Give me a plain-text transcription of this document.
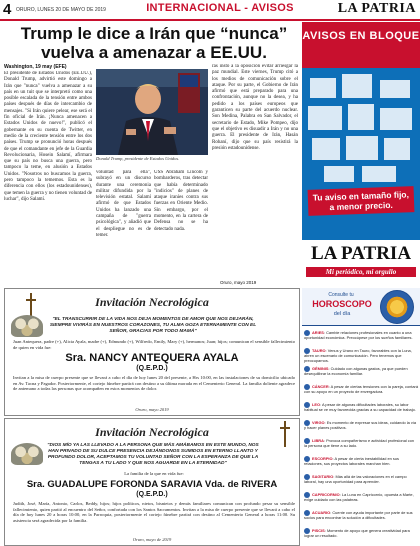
4 ORURO, LUNES 20 DE MAYO DE 2019	INTERNACIONAL - AVISOS	LA PATRIA
Trump le dice a Irán que “nunca” vuelva a amenazar a EE.UU.
Washington, 19 may (EFE)
El presidente de Estados Unidos (EE.UU.), Donald Trump, advirtió este domingo a Irán que "nunca" vuelva a amenazar a su país en un tuit que se interpretó como una posible escalada de la tensión entre ambos países después de días de intercambio de mensajes. "Si Irán quiere pelear, ese será el fin oficial de Irán. ¡Nunca amenacen a Estados Unidos de nuevo!", publicó el gobernante en su cuenta de Twitter, en medio de la creciente tensión entre los dos países. Trump se pronunció horas después de que el comandante en jefe de la Guardia Revolucionaria, Hosein Salamí, afirmara que su país no busca una guerra, pero tampoco la teme, en alusión a Estados Unidos. "Nosotros no buscamos la guerra, pero tampoco la tememos. Esta es la diferencia con ellos (los estadounidenses), que temen la guerra y no tienen voluntad de luchar", dijo Salamí.
Donald Trump, presidente de Estados Unidos.
voluntad para ella", subrayó en un discurso durante una ceremonia militar difundida por la televisión estatal. Salamí afirmó de que Estados Unidos ha lanzado una campaña de "guerra psicológica", y añadió que el despliegue no es de temer.
USS Abraham Lincoln y bombarderos, tras detectar que había determinado "indicios" de planes de ataque iraníes contra sus fuerzas en Oriente Medio. Sin embargo, por el momento, en la cartera de Defensa no se ha detectado nada.
ras instó a la oposición evitar arriesgar la paz mundial. Este viernes, Trump citó a los medios de comunicación sobre el ataque. Por su parte, el Gobierno de Irán afirmó que está preparado para una confrontación, aunque no la desea, y ha pedido a los países europeos que garanticen su parte del acuerdo nuclear. Son Medina, Palabra en San Salvador, el secretario de Estado, Mike Pompeo, dijo que el objetivo es disuadir a Irán y no una guerra. El presidente de Irán, Hasán Rohaní, dijo que su país resistirá la presión estadounidense.
Oruro, mayo 2019
AVISOS EN BLOQUE
Tu aviso en tamaño fijo, a menor precio.
LA PATRIA
Mi periódico, mi orgullo
Consulte tu
HOROSCOPO
del día
ARIES: Cambie relaciones profesionales en cuanto a una oportunidad económica. Preocúpese por los sueños familiares.
TAURO: Venus y Urano en Tauro, favorables con la Luna, abren un escenario de comunicación. Pero tenemos que preocuparnos.
GÉMINIS: Cuidado con algunas gastos, ya que pueden desequilibrar la economía familiar.
CÁNCER: A pesar de ciertas tensiones con la pareja, contará con su apoyo en un proyecto de envergadura.
LEO: A pesar de algunas dificultades laborales, su labor habitual se ve muy favorecida gracias a su capacidad de trabajo.
VIRGO: Es momento de expresar sus ideas, cuidando la vía y hacer planes positivos.
LIBRA: Provoca compañerismo e actividad profesional con la persona que tiene a su lado.
ESCORPIO: A pesar de cierta inestabilidad en sus relaciones, sus proyectos laborales marchan bien.
SAGITARIO: Más allá de las valoraciones en el campo laboral, hay una oportunidad para aprender.
CAPRICORNIO: La Luna en Capricornio, opuesta a Marte, exige cuidado con las palabras.
ACUARIO: Cuente con ayuda importante por parte de sus socios para encontrar la solución a dificultades.
PISCIS: Momento de apoyo que genera creatividad para lograr un resultado.
Invitación Necrológica
"EL TRANSCURRIR DE LA VIDA NOS DEJA MOMENTOS DE AMOR QUE NOS DEJARÁN, SIEMPRE VIVIRÁS EN NUESTROS CORAZONES, TU ALMA GOZA ETERNAMENTE CON EL SEÑOR, GRACIAS POR TODO MAMÁ"
Juan Antequera, padre (+), Alicia Ayala, madre (+), Edmundo (+), Wilfredo, Emily, Mary (+), hermanos; Juan; hijos; comunican el sensible fallecimiento de quien en vida fue:
Sra. NANCY ANTEQUERA AYALA
(Q.E.P.D.)
Invitan a la misa de cuerpo presente que se llevará a cabo el día de hoy lunes 20 del presente, a Hrs 10:00, en las instalaciones de su domicilio ubicado en Av. Tacna y Pagador. Posteriormente, el cortejo fúnebre partirá con destino a su última morada en el Cementerio General. La familia doliente agradece de antemano a todas las personas que acompañen en estos momentos de dolor.
Oruro, mayo 2019
Invitación Necrológica
"DIOS MÍO YA LAS LLEVADO A LA PERSONA QUE MÁS AMÁBAMOS EN ESTE MUNDO, NOS HAN PRIVADO DE SU DULCE PRESENCIA DEJÁNDONOS SUMIDOS EN ETERNO LLANTO Y PROFUNDO DOLOR, ACEPTAMOS TU VOLUNTAD SEÑOR CON LA ESPERANZA DE QUE LA TENGAS A TU LADO Y QUE NOS AGUARDE EN LA ETERNIDAD"
La familia de la que en vida fue:
Sra. GUADALUPE FORONDA SARAVIA Vda. de RIVERA
(Q.E.P.D.)
Judith, José, María, Antonio, Carlos, Beddy, hijos; hijos políticos, nietos, bisnietos y demás familiares comunican con profundo pesar su sensible fallecimiento, quien partió al encuentro del Señor, confortada con los Santos Sacramentos. Invitan a la misa de cuerpo presente que se llevará a cabo el día de hoy lunes 20 a horas 10:00, en la Parroquia, posteriormente el cortejo fúnebre partirá con destino al Cementerio General a horas 11:00. Su asistencia será agradecida por la familia.
Oruro, mayo de 2019
